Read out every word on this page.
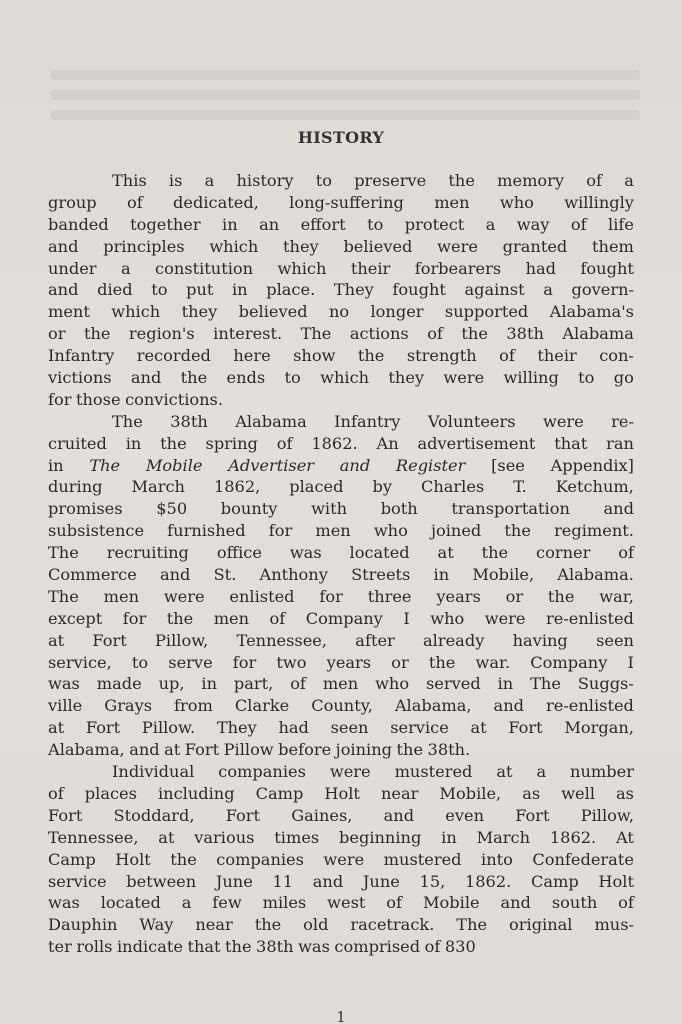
HISTORY
This is a history to preserve the memory of a
group of dedicated, long-suffering men who willingly
banded together in an effort to protect a way of life
and principles which they believed were granted them
under a constitution which their forbearers had fought
and died to put in place. They fought against a govern-
ment which they believed no longer supported Alabama's
or the region's interest. The actions of the 38th Alabama
Infantry recorded here show the strength of their con-
victions and the ends to which they were willing to go
for those convictions.
The 38th Alabama Infantry Volunteers were re-
cruited in the spring of 1862. An advertisement that ran
in The Mobile Advertiser and Register [see Appendix]
during March 1862, placed by Charles T. Ketchum,
promises $50 bounty with both transportation and
subsistence furnished for men who joined the regiment.
The recruiting office was located at the corner of
Commerce and St. Anthony Streets in Mobile, Alabama.
The men were enlisted for three years or the war,
except for the men of Company I who were re-enlisted
at Fort Pillow, Tennessee, after already having seen
service, to serve for two years or the war. Company I
was made up, in part, of men who served in The Suggs-
ville Grays from Clarke County, Alabama, and re-enlisted
at Fort Pillow. They had seen service at Fort Morgan,
Alabama, and at Fort Pillow before joining the 38th.
Individual companies were mustered at a number
of places including Camp Holt near Mobile, as well as
Fort Stoddard, Fort Gaines, and even Fort Pillow,
Tennessee, at various times beginning in March 1862. At
Camp Holt the companies were mustered into Confederate
service between June 11 and June 15, 1862. Camp Holt
was located a few miles west of Mobile and south of
Dauphin Way near the old racetrack. The original mus-
ter rolls indicate that the 38th was comprised of 830
1
